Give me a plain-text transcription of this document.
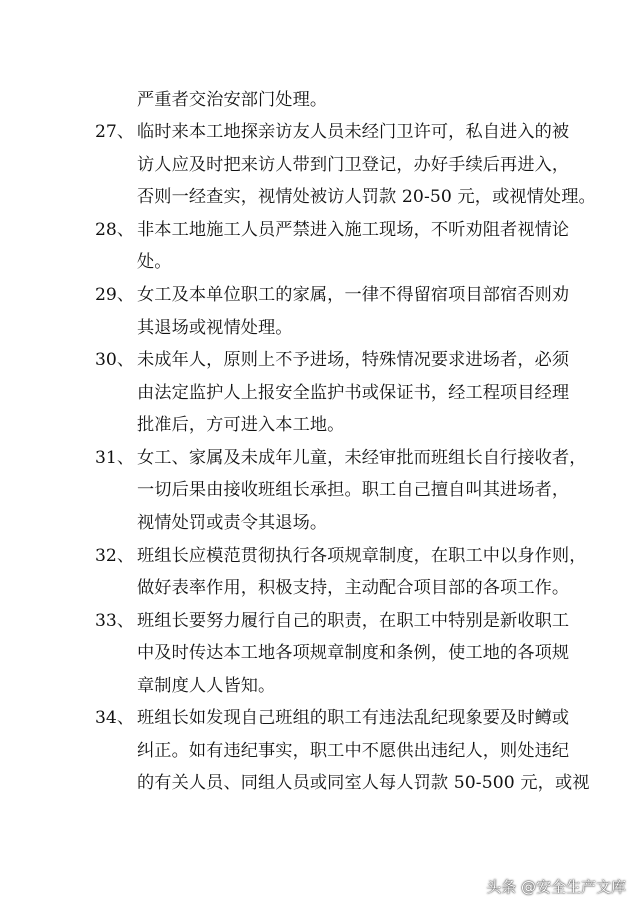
严重者交治安部门处理。
27、 临时来本工地探亲访友人员未经门卫许可，私自进入的被
访人应及时把来访人带到门卫登记，办好手续后再进入，
否则一经查实，视情处被访人罚款 20-50 元，或视情处理。
28、 非本工地施工人员严禁进入施工现场，不听劝阻者视情论
处。
29、 女工及本单位职工的家属，一律不得留宿项目部宿否则劝
其退场或视情处理。
30、 未成年人，原则上不予进场，特殊情况要求进场者，必须
由法定监护人上报安全监护书或保证书，经工程项目经理
批准后，方可进入本工地。
31、 女工、家属及未成年儿童，未经审批而班组长自行接收者，
一切后果由接收班组长承担。职工自己擅自叫其进场者，
视情处罚或责令其退场。
32、 班组长应模范贯彻执行各项规章制度，在职工中以身作则，
做好表率作用，积极支持，主动配合项目部的各项工作。
33、 班组长要努力履行自己的职责，在职工中特别是新收职工
中及时传达本工地各项规章制度和条例，使工地的各项规
章制度人人皆知。
34、 班组长如发现自己班组的职工有违法乱纪现象要及时鳟或
纠正。如有违纪事实，职工中不愿供出违纪人，则处违纪
的有关人员、同组人员或同室人每人罚款 50-500 元，或视
头条 @安全生产文库
